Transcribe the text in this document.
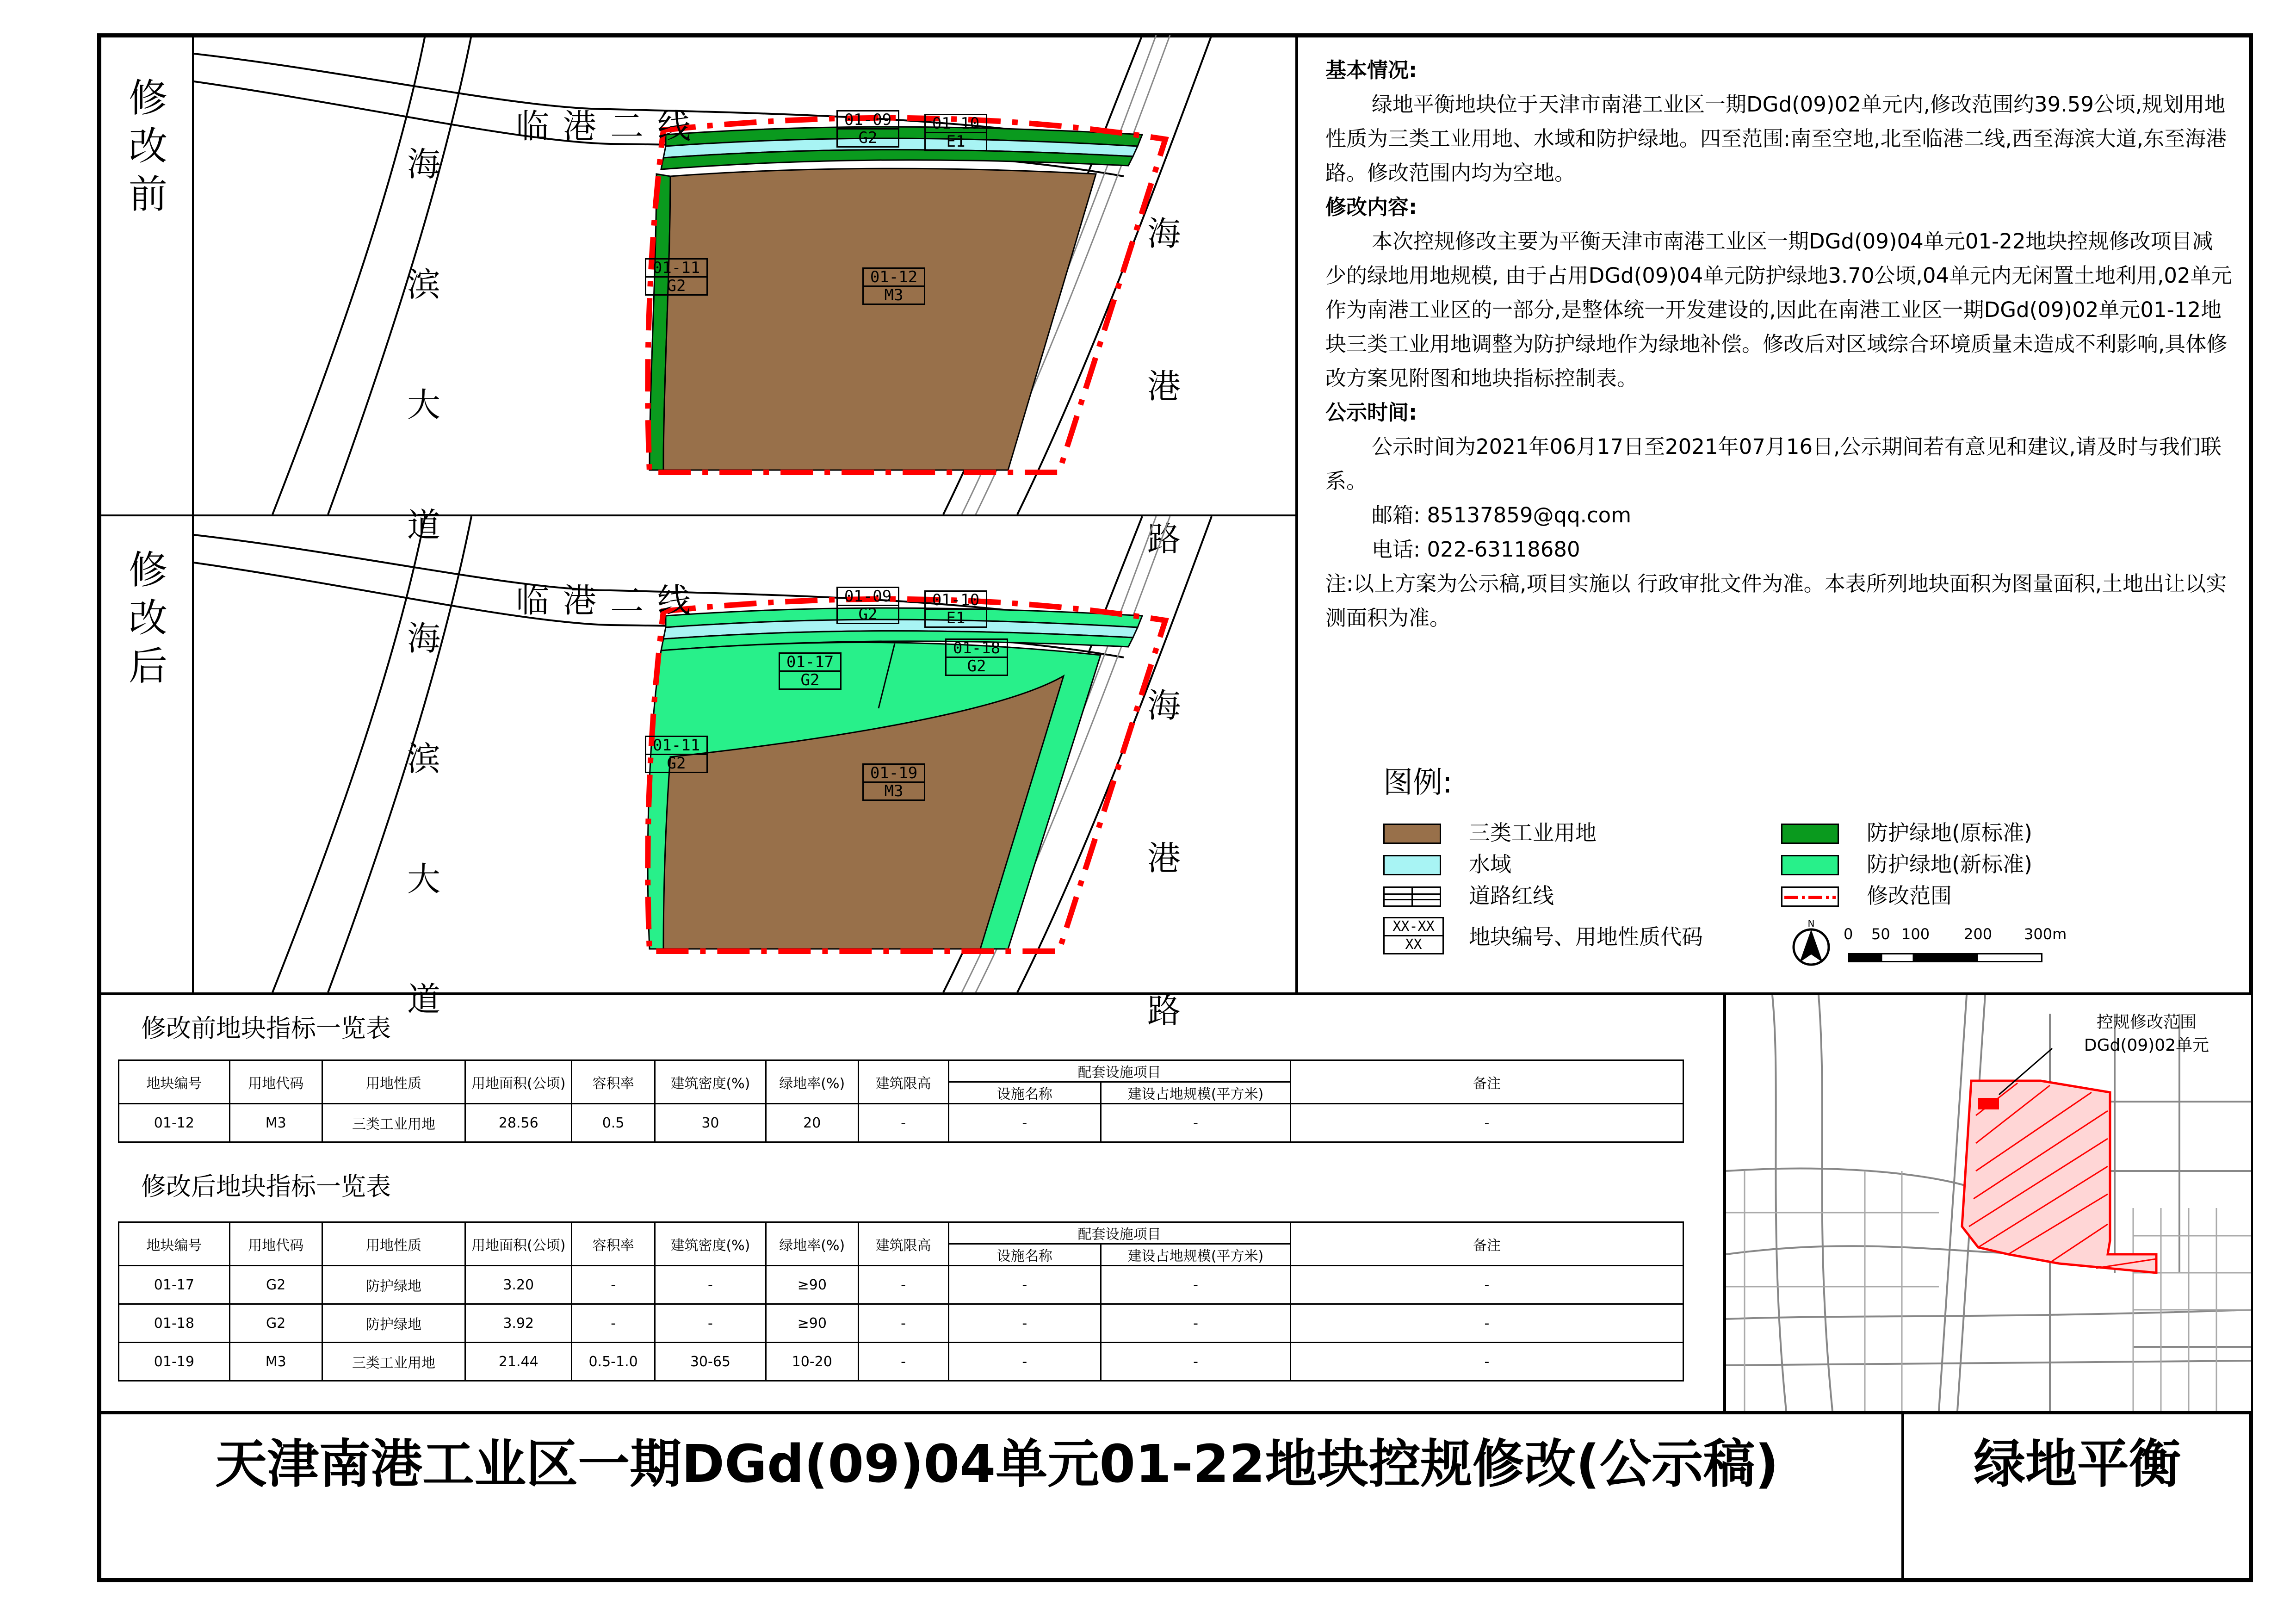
修改前
修改后
临港二线
海滨大道
海港路
01-09
G2
01-10
E1
01-11
G2	01-12
M3
临港二线
海滨大道
海港路
01-09
G2
01-10
E1
01-17
G2
01-18
G2
01-11
G2
01-19
M3

基本情况:

绿地平衡地块位于天津市南港工业区一期DGd(09)02单元内,修改范围约39.59公顷,规划用地性质为三类工业用地、水域和防护绿地。四至范围:南至空地,北至临港二线,西至海滨大道,东至海港路。修改范围内均为空地。

修改内容:

本次控规修改主要为平衡天津市南港工业区一期DGd(09)04单元01-22地块控规修改项目减少的绿地用地规模, 由于占用DGd(09)04单元防护绿地3.70公顷,04单元内无闲置土地利用,02单元作为南港工业区的一部分,是整体统一开发建设的,因此在南港工业区一期DGd(09)02单元01-12地块三类工业用地调整为防护绿地作为绿地补偿。修改后对区域综合环境质量未造成不利影响,具体修改方案见附图和地块指标控制表。

公示时间:

公示时间为2021年06月17日至2021年07月16日,公示期间若有意见和建议,请及时与我们联系。

邮箱: 85137859@qq.com

电话: 022-63118680

注:以上方案为公示稿,项目实施以 行政审批文件为准。本表所列地块面积为图量面积,土地出让以实测面积为准。

图例:
三类工业用地
水域
道路红线
XX-XX
XX	地块编号、用地性质代码
防护绿地(原标准)
防护绿地(新标准)
修改范围
N
0 50 100 200 300m
修改前地块指标一览表
地块编号	用地代码	用地性质	用地面积(公顷)	容积率	建筑密度(%)	绿地率(%)	建筑限高	配套设施项目		备注
								设施名称	建设占地规模(平方米)	
01-12	M3	三类工业用地	28.56	0.5	30	20	-	-	-	-
修改后地块指标一览表
地块编号	用地代码	用地性质	用地面积(公顷)	容积率	建筑密度(%)	绿地率(%)	建筑限高	配套设施项目		备注
								设施名称	建设占地规模(平方米)	
01-17	G2	防护绿地	3.20	-	-	≥90	-	-	-	-
01-18	G2	防护绿地	3.92	-	-	≥90	-	-	-	-
01-19	M3	三类工业用地	21.44	0.5-1.0	30-65	10-20	-	-	-	-
控规修改范围
DGd(09)02单元
天津南港工业区一期DGd(09)04单元01-22地块控规修改(公示稿)	绿地平衡
